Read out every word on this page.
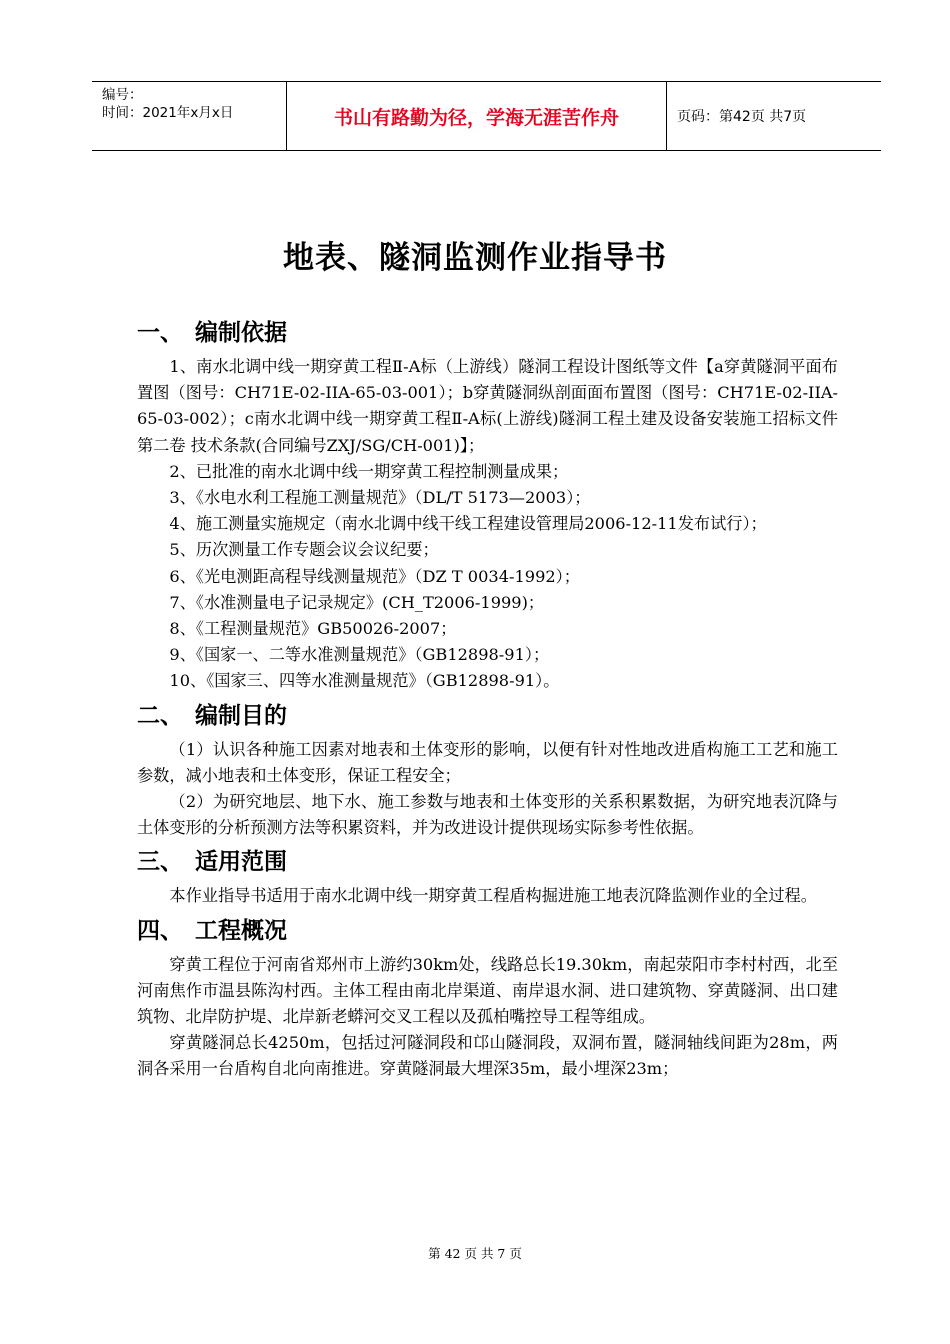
编号：
时间：2021年x月x日	书山有路勤为径，学海无涯苦作舟	页码：第42页 共7页
地表、隧洞监测作业指导书
一、 编制依据

1、南水北调中线一期穿黄工程Ⅱ-A标（上游线）隧洞工程设计图纸等文件【a穿黄隧洞平面布置图（图号：CH71E-02-IIA-65-03-001）；b穿黄隧洞纵剖面面布置图（图号：CH71E-02-IIA-65-03-002）；c南水北调中线一期穿黄工程Ⅱ-A标(上游线)隧洞工程土建及设备安装施工招标文件第二卷 技术条款(合同编号ZXJ/SG/CH-001)】；

2、已批准的南水北调中线一期穿黄工程控制测量成果；

3、《水电水利工程施工测量规范》（DL/T 5173—2003）；

4、施工测量实施规定（南水北调中线干线工程建设管理局2006-12-11发布试行）；

5、历次测量工作专题会议会议纪要；

6、《光电测距高程导线测量规范》（DZ T 0034-1992）；

7、《水准测量电子记录规定》(CH_T2006-1999)；

8、《工程测量规范》GB50026-2007；

9、《国家一、二等水准测量规范》（GB12898-91）；

10、《国家三、四等水准测量规范》（GB12898-91）。

二、 编制目的

（1）认识各种施工因素对地表和土体变形的影响，以便有针对性地改进盾构施工工艺和施工参数，减小地表和土体变形，保证工程安全；

（2）为研究地层、地下水、施工参数与地表和土体变形的关系积累数据，为研究地表沉降与土体变形的分析预测方法等积累资料，并为改进设计提供现场实际参考性依据。

三、 适用范围

本作业指导书适用于南水北调中线一期穿黄工程盾构掘进施工地表沉降监测作业的全过程。

四、 工程概况

穿黄工程位于河南省郑州市上游约30km处，线路总长19.30km，南起荥阳市李村村西，北至河南焦作市温县陈沟村西。主体工程由南北岸渠道、南岸退水洞、进口建筑物、穿黄隧洞、出口建筑物、北岸防护堤、北岸新老蟒河交叉工程以及孤柏嘴控导工程等组成。

穿黄隧洞总长4250m，包括过河隧洞段和邙山隧洞段，双洞布置，隧洞轴线间距为28m，两洞各采用一台盾构自北向南推进。穿黄隧洞最大埋深35m，最小埋深23m；

第 42 页 共 7 页
